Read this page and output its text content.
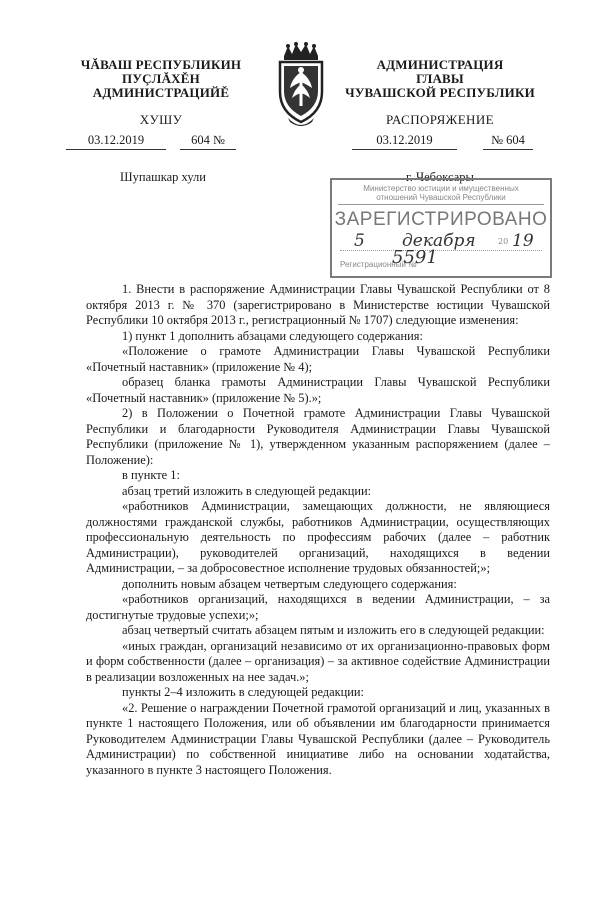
ЧĂВАШ РЕСПУБЛИКИН
ПУÇЛĂХĚН
АДМИНИСТРАЦИЙĚ
ХУШУ
03.12.2019	604 №
Шупашкар хули
АДМИНИСТРАЦИЯ
ГЛАВЫ
ЧУВАШСКОЙ РЕСПУБЛИКИ
РАСПОРЯЖЕНИЕ
03.12.2019	№ 604
г. Чебоксары
Министерство юстиции и имущественных
отношений Чувашской Республики
ЗАРЕГИСТРИРОВАНО
5 декабря	20 19
Регистрационный №
5591

1. Внести в распоряжение Администрации Главы Чувашской Республики от 8 октября 2013 г. № 370 (зарегистрировано в Министерстве юстиции Чувашской Республики 10 октября 2013 г., регистрационный № 1707) следующие изменения:

1) пункт 1 дополнить абзацами следующего содержания:

«Положение о грамоте Администрации Главы Чувашской Республики «Почетный наставник» (приложение № 4);

образец бланка грамоты Администрации Главы Чувашской Республики «Почетный наставник» (приложение № 5).»;

2) в Положении о Почетной грамоте Администрации Главы Чувашской Республики и благодарности Руководителя Администрации Главы Чувашской Республики (приложение № 1), утвержденном указанным распоряжением (далее – Положение):

в пункте 1:

абзац третий изложить в следующей редакции:

«работников Администрации, замещающих должности, не являющиеся должностями гражданской службы, работников Администрации, осуществляющих профессиональную деятельность по профессиям рабочих (далее – работник Администрации), руководителей организаций, находящихся в ведении Администрации, – за добросовестное исполнение трудовых обязанностей;»;

дополнить новым абзацем четвертым следующего содержания:

«работников организаций, находящихся в ведении Администрации, – за достигнутые трудовые успехи;»;

абзац четвертый считать абзацем пятым и изложить его в следующей редакции:

«иных граждан, организаций независимо от их организационно-правовых форм и форм собственности (далее – организация) – за активное содействие Администрации в реализации возложенных на нее задач.»;

пункты 2–4 изложить в следующей редакции:

«2. Решение о награждении Почетной грамотой организаций и лиц, указанных в пункте 1 настоящего Положения, или об объявлении им благодарности принимается Руководителем Администрации Главы Чувашской Республики (далее – Руководитель Администрации) по собственной инициативе либо на основании ходатайства, указанного в пункте 3 настоящего Положения.
